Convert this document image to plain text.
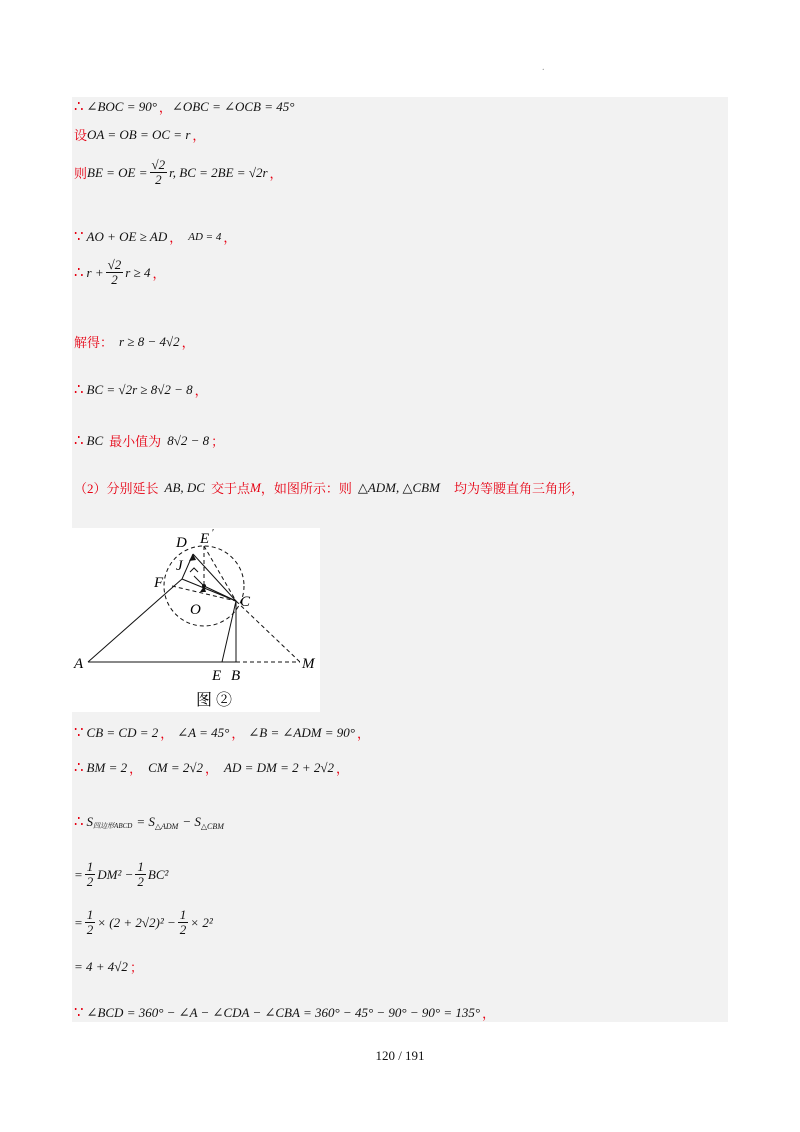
.
∴ ∠BOC = 90° ， ∠OBC = ∠OCB = 45°
设 OA = OB = OC = r ，
则 BE = OE = $\frac{√2}{2} r$, BC = 2BE = √2r ，
∵ AO + OE ≥ AD ， AD = 4 ，
∴ $r + \frac{√2}{2}$ r ≥ 4 ，
解得： r ≥ 8 − 4√2 ，
∴ BC = √2r ≥ 8√2 − 8 ，
∴ BC 最小值为 8√2 − 8 ；
（2）分别延长 AB, DC 交于点 M ，如图所示：则 △ADM, △CBM 均为等腰直角三角形，
D E ′
J
F
O	C
A
E B
M
图 ②
∵ CB = CD = 2 ， ∠A = 45° ， ∠B = ∠ADM = 90° ，
∴ BM = 2 ， CM = 2√2 ， AD = DM = 2 + 2√2 ，
∴ S 四边形ABCD = S △ADM − S △CBM
= $\frac{1}{2} DM^2 - \frac{1}{2} BC^2$
= $\frac{1}{2} \times (2 + 2√2)^2 - \frac{1}{2} \times 2^2$
= 4 + 4√2 ；
∵ ∠BCD = 360° − ∠A − ∠CDA − ∠CBA = 360° − 45° − 90° − 90° = 135° ，
120 / 191
